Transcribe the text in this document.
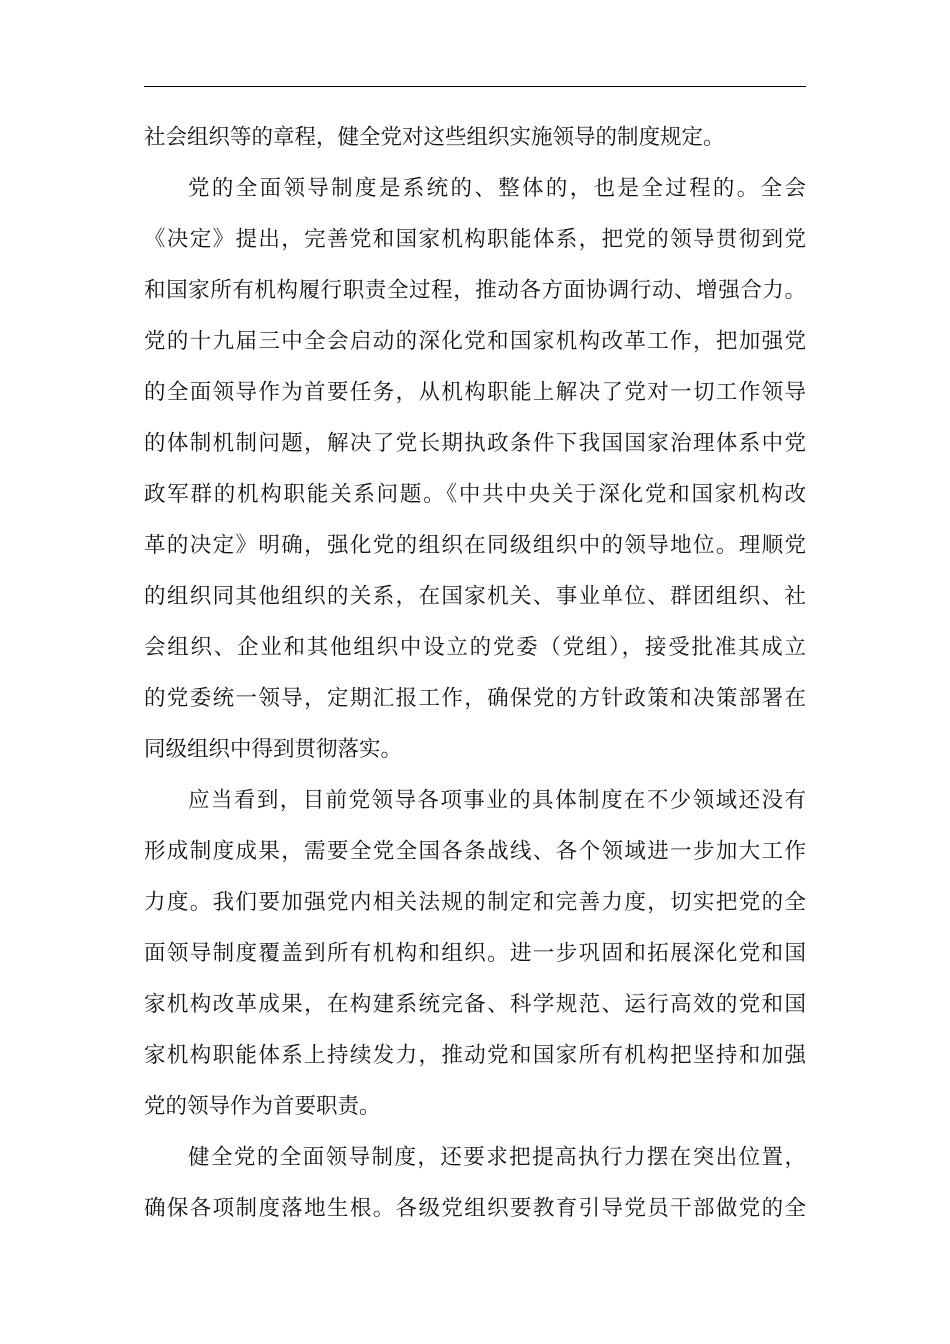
社会组织等的章程，健全党对这些组织实施领导的制度规定。
党的全面领导制度是系统的、整体的，也是全过程的。全会
《决定》提出，完善党和国家机构职能体系，把党的领导贯彻到党
和国家所有机构履行职责全过程，推动各方面协调行动、增强合力。
党的十九届三中全会启动的深化党和国家机构改革工作，把加强党
的全面领导作为首要任务，从机构职能上解决了党对一切工作领导
的体制机制问题，解决了党长期执政条件下我国国家治理体系中党
政军群的机构职能关系问题。《中共中央关于深化党和国家机构改
革的决定》明确，强化党的组织在同级组织中的领导地位。理顺党
的组织同其他组织的关系，在国家机关、事业单位、群团组织、社
会组织、企业和其他组织中设立的党委（党组），接受批准其成立
的党委统一领导，定期汇报工作，确保党的方针政策和决策部署在
同级组织中得到贯彻落实。
应当看到，目前党领导各项事业的具体制度在不少领域还没有
形成制度成果，需要全党全国各条战线、各个领域进一步加大工作
力度。我们要加强党内相关法规的制定和完善力度，切实把党的全
面领导制度覆盖到所有机构和组织。进一步巩固和拓展深化党和国
家机构改革成果，在构建系统完备、科学规范、运行高效的党和国
家机构职能体系上持续发力，推动党和国家所有机构把坚持和加强
党的领导作为首要职责。
健全党的全面领导制度，还要求把提高执行力摆在突出位置，
确保各项制度落地生根。各级党组织要教育引导党员干部做党的全
